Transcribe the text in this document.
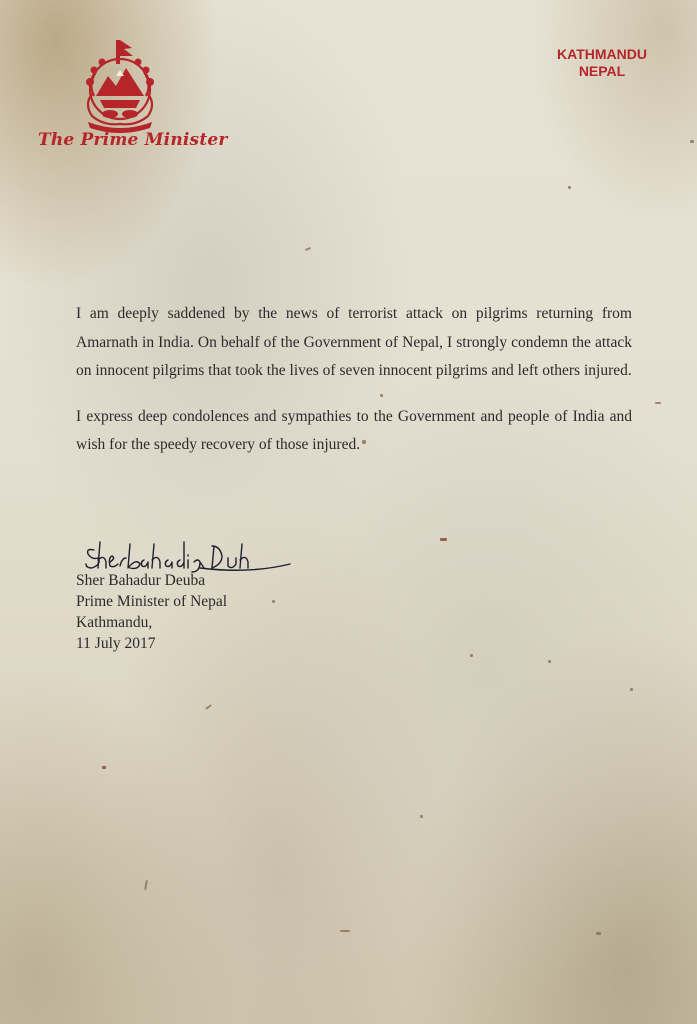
The Prime Minister
KATHMANDU
NEPAL

I am deeply saddened by the news of terrorist attack on pilgrims returning from Amarnath in India. On behalf of the Government of Nepal, I strongly condemn the attack on innocent pilgrims that took the lives of seven innocent pilgrims and left others injured.

I express deep condolences and sympathies to the Government and people of India and wish for the speedy recovery of those injured.

Sher Bahadur Deuba
Prime Minister of Nepal
Kathmandu,
11 July 2017
